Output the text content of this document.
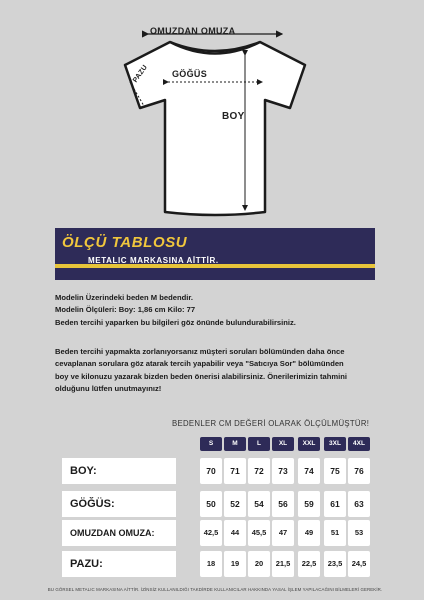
OMUZDAN OMUZA
GÖĞÜS
PAZU
BOY
ÖLÇÜ TABLOSU
METALIC MARKASINA AİTTİR.
Modelin Üzerindeki beden M bedendir.
Modelin Ölçüleri: Boy: 1,86 cm Kilo: 77
Beden tercihi yaparken bu bilgileri göz önünde bulundurabilirsiniz.
Beden tercihi yapmakta zorlanıyorsanız müşteri soruları bölümünden daha önce
cevaplanan sorulara göz atarak tercih yapabilir veya "Satıcıya Sor" bölümünden
boy ve kilonuzu yazarak bizden beden önerisi alabilirsiniz. Önerilerimizin tahmini
olduğunu lütfen unutmayınız!
BEDENLER CM DEĞERİ OLARAK ÖLÇÜLMÜŞTÜR!
S	M	L	XL	XXL	3XL	4XL
BOY:	70	71	72	73	74	75	76
GÖĞÜS:	50	52	54	56	59	61	63
OMUZDAN OMUZA:	42,5	44	45,5	47	49	51	53
PAZU:	18	19	20	21,5	22,5	23,5	24,5
BU GÖRSEL METALIC MARKASINA AİTTİR. İZİNSİZ KULLANILDIĞI TAKDİRDE KULLANICILAR HAKKINDA YASAL İŞLEM YAPILACAĞINI BİLMELERİ GEREKİR.
